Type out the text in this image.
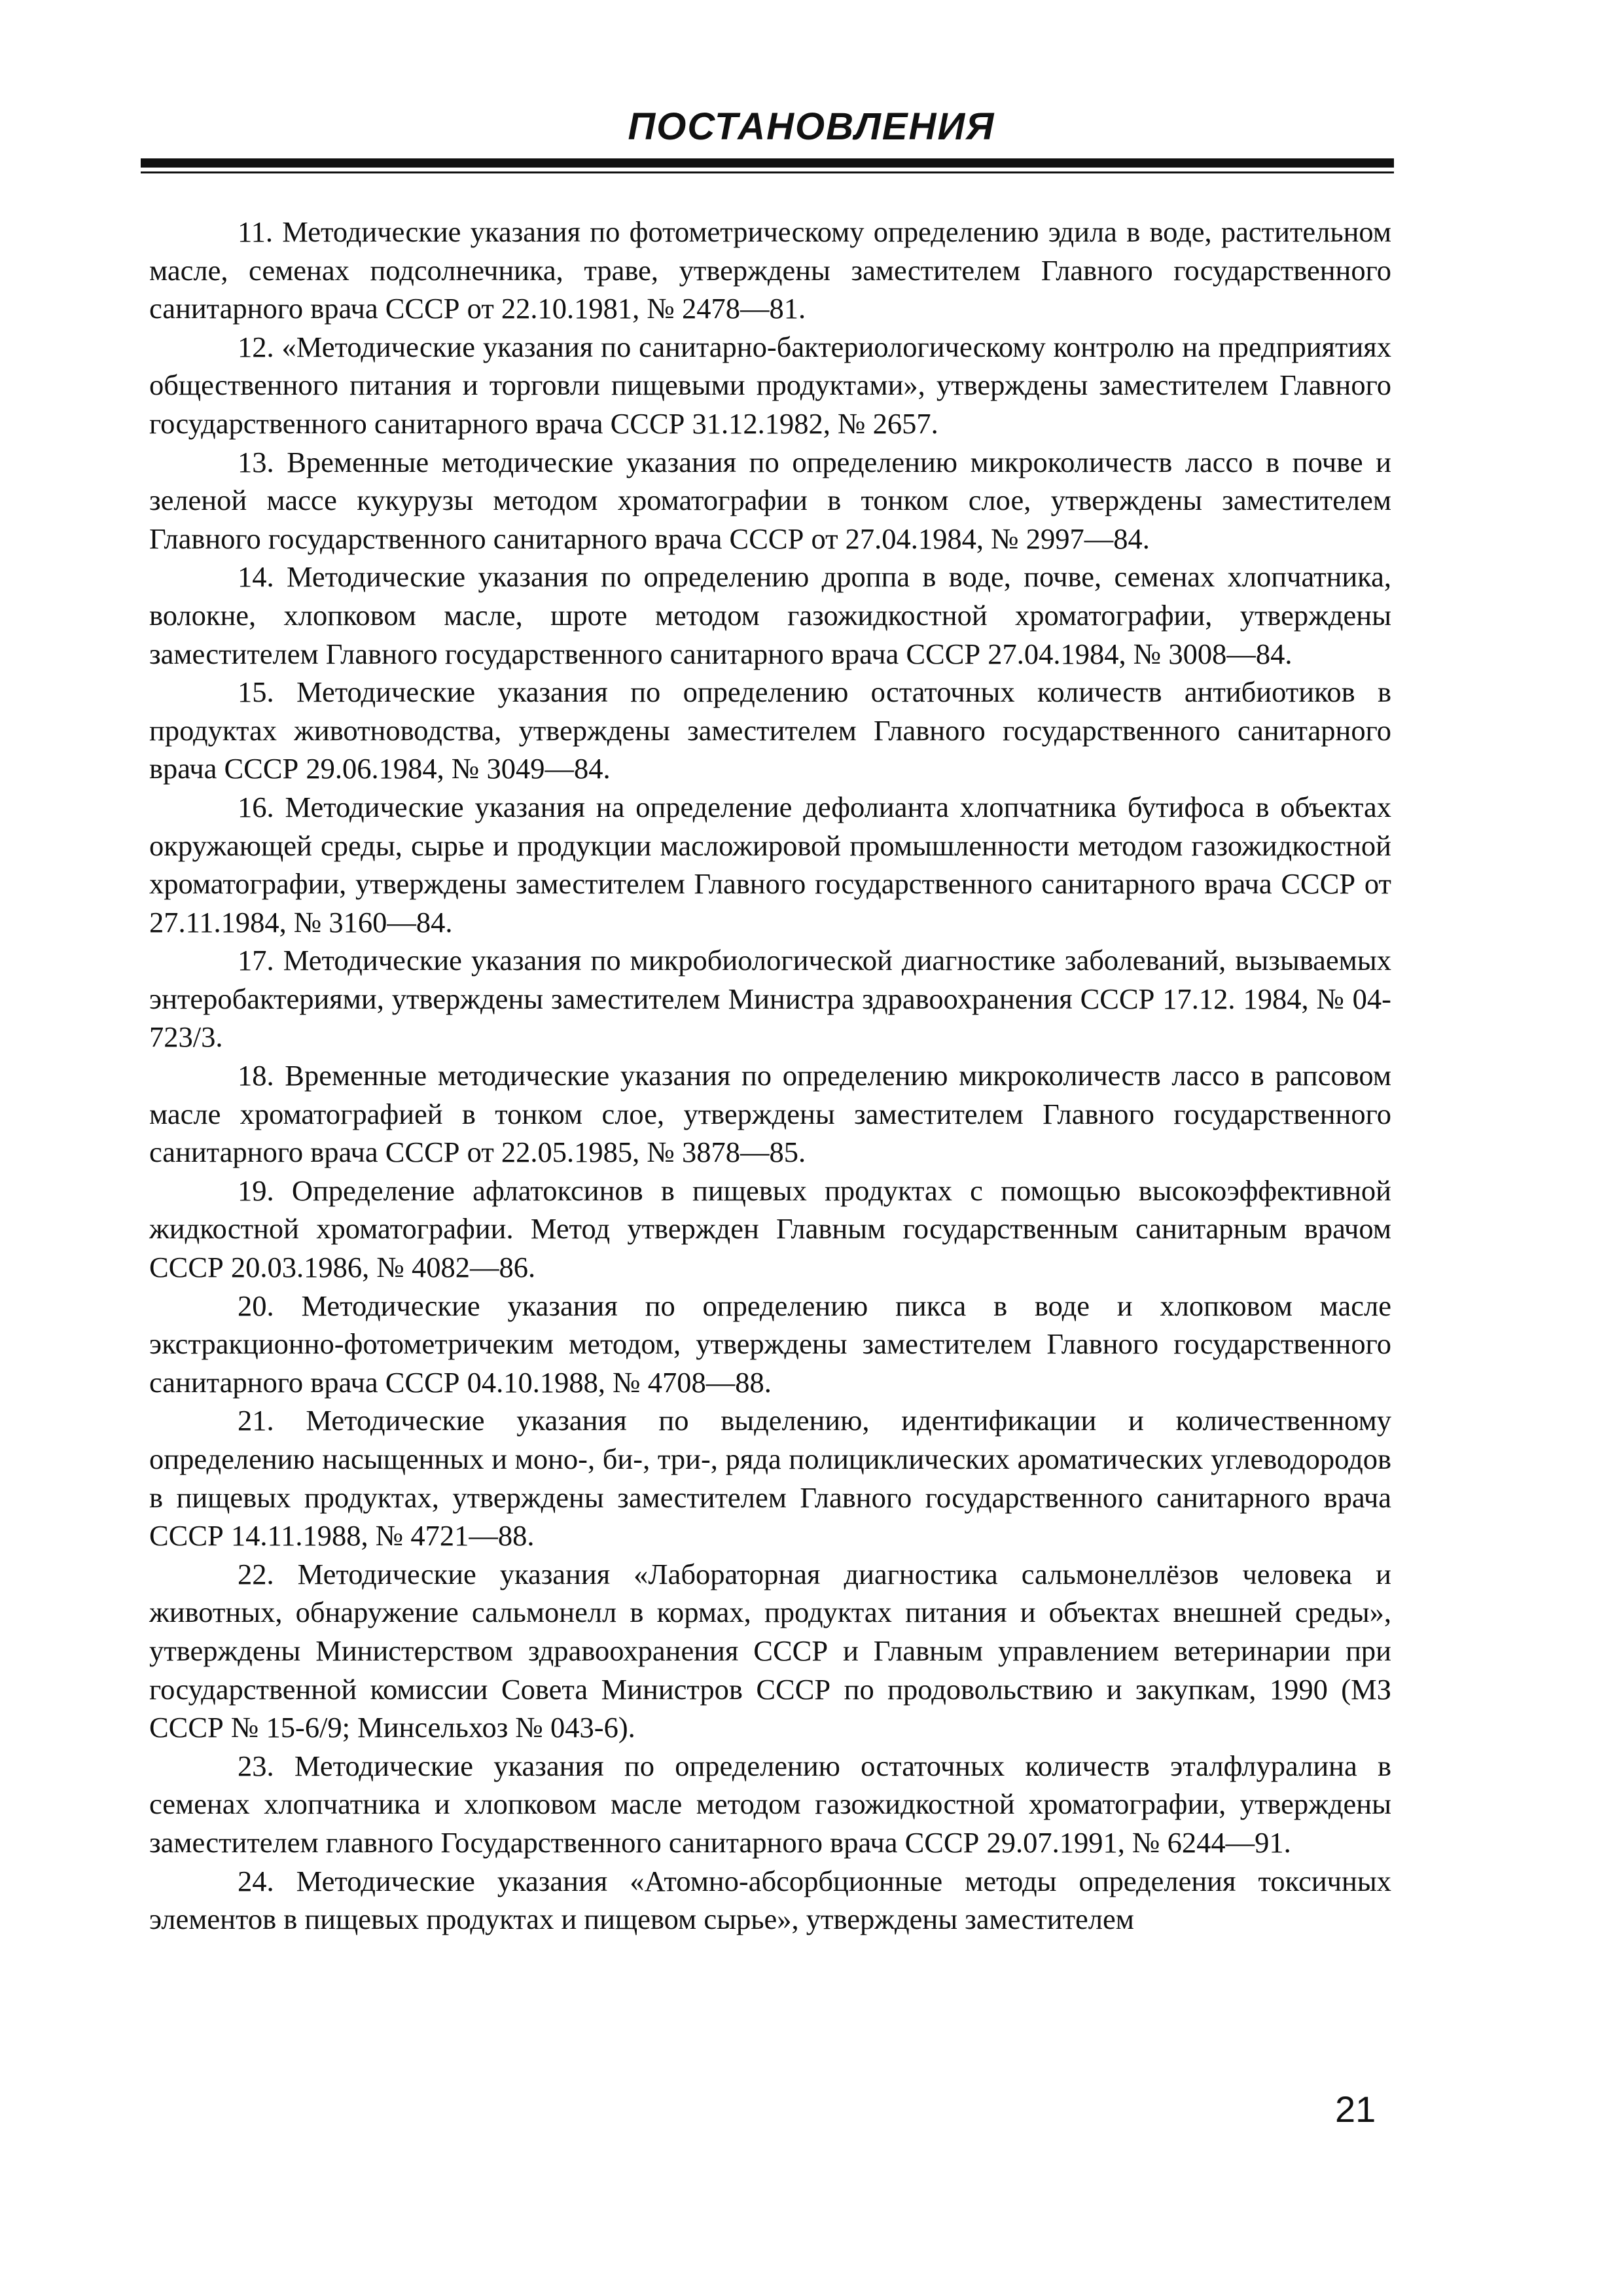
ПОСТАНОВЛЕНИЯ

11. Методические указания по фотометрическому определению эдила в воде, растительном масле, семенах подсолнечника, траве, утверждены заместителем Главного государственного санитарного врача СССР от 22.10.1981, № 2478—81.

12. «Методические указания по санитарно-бактериологическому контролю на предприятиях общественного питания и торговли пищевыми продуктами», утверждены заместителем Главного государственного санитарного врача СССР 31.12.1982, № 2657.

13. Временные методические указания по определению микроколичеств лассо в почве и зеленой массе кукурузы методом хроматографии в тонком слое, утверждены заместителем Главного государственного санитарного врача СССР от 27.04.1984, № 2997—84.

14. Методические указания по определению дроппа в воде, почве, семенах хлопчатника, волокне, хлопковом масле, шроте методом газожидкостной хроматографии, утверждены заместителем Главного государственного санитарного врача СССР 27.04.1984, № 3008—84.

15. Методические указания по определению остаточных количеств антибиотиков в продуктах животноводства, утверждены заместителем Главного государственного санитарного врача СССР 29.06.1984, № 3049—84.

16. Методические указания на определение дефолианта хлопчатника бутифоса в объектах окружающей среды, сырье и продукции масложировой промышленности методом газожидкостной хроматографии, утверждены заместителем Главного государственного санитарного врача СССР от 27.11.1984, № 3160—84.

17. Методические указания по микробиологической диагностике заболеваний, вызываемых энтеробактериями, утверждены заместителем Министра здравоохранения СССР 17.12. 1984, № 04-723/3.

18. Временные методические указания по определению микроколичеств лассо в рапсовом масле хроматографией в тонком слое, утверждены заместителем Главного государственного санитарного врача СССР от 22.05.1985, № 3878—85.

19. Определение афлатоксинов в пищевых продуктах с помощью высокоэффективной жидкостной хроматографии. Метод утвержден Главным государственным санитарным врачом СССР 20.03.1986, № 4082—86.

20. Методические указания по определению пикса в воде и хлопковом масле экстракционно-фотометричеким методом, утверждены заместителем Главного государственного санитарного врача СССР 04.10.1988, № 4708—88.

21. Методические указания по выделению, идентификации и количественному определению насыщенных и моно-, би-, три-, ряда полициклических ароматических углеводородов в пищевых продуктах, утверждены заместителем Главного государственного санитарного врача СССР 14.11.1988, № 4721—88.

22. Методические указания «Лабораторная диагностика сальмонеллёзов человека и животных, обнаружение сальмонелл в кормах, продуктах питания и объектах внешней среды», утверждены Министерством здравоохранения СССР и Главным управлением ветеринарии при государственной комиссии Совета Министров СССР по продовольствию и закупкам, 1990 (МЗ СССР № 15-6/9; Минсельхоз № 043-6).

23. Методические указания по определению остаточных количеств эталфлуралина в семенах хлопчатника и хлопковом масле методом газожидкостной хроматографии, утверждены заместителем главного Государственного санитарного врача СССР 29.07.1991, № 6244—91.

24. Методические указания «Атомно-абсорбционные методы определения токсичных элементов в пищевых продуктах и пищевом сырье», утверждены заместителем

21
